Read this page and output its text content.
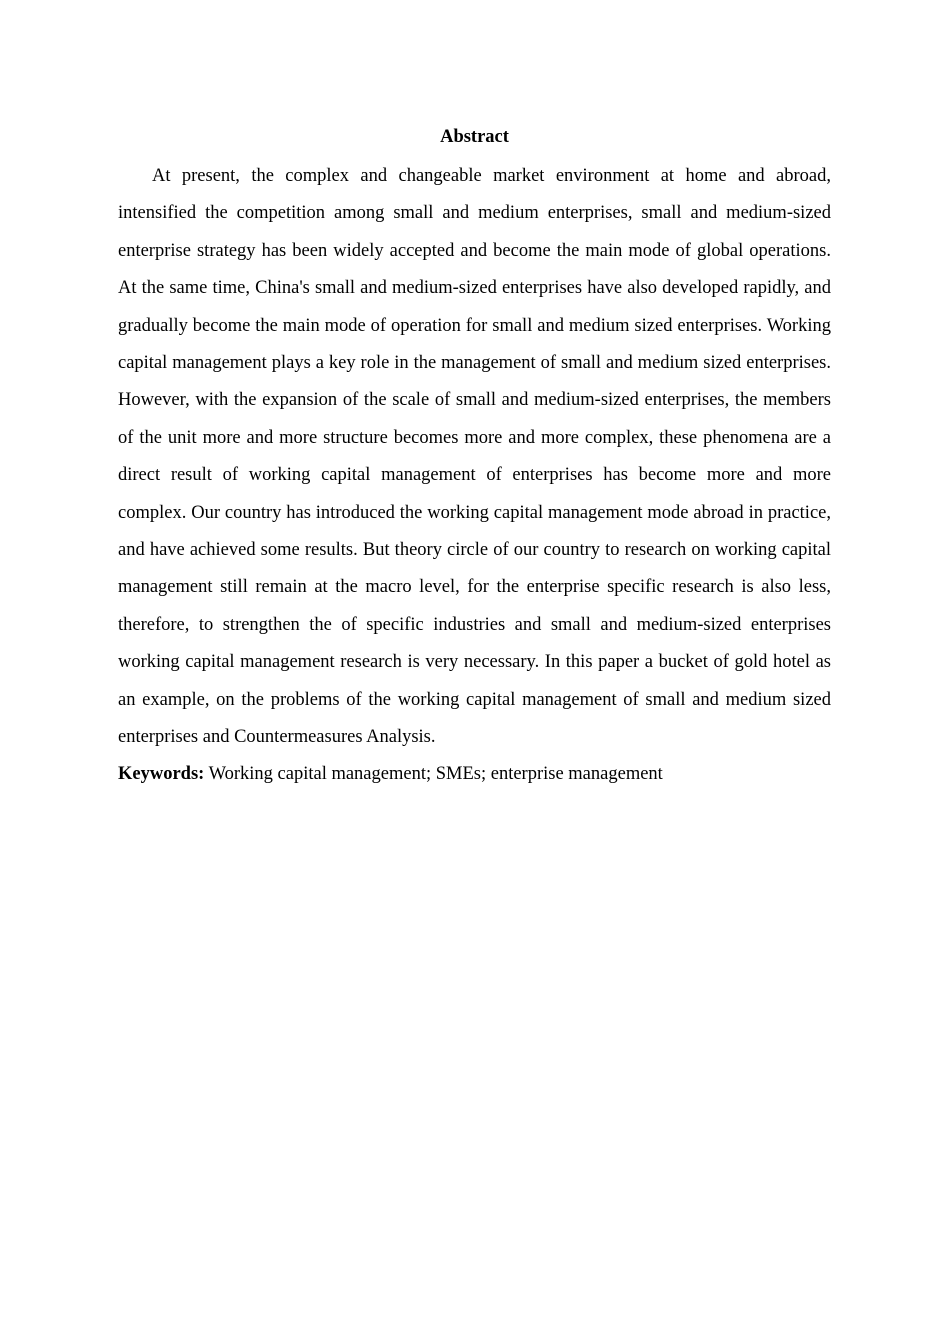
Abstract

At present, the complex and changeable market environment at home and abroad, intensified the competition among small and medium enterprises, small and medium-sized enterprise strategy has been widely accepted and become the main mode of global operations. At the same time, China's small and medium-sized enterprises have also developed rapidly, and gradually become the main mode of operation for small and medium sized enterprises. Working capital management plays a key role in the management of small and medium sized enterprises. However, with the expansion of the scale of small and medium-sized enterprises, the members of the unit more and more structure becomes more and more complex, these phenomena are a direct result of working capital management of enterprises has become more and more complex. Our country has introduced the working capital management mode abroad in practice, and have achieved some results. But theory circle of our country to research on working capital management still remain at the macro level, for the enterprise specific research is also less, therefore, to strengthen the of specific industries and small and medium-sized enterprises working capital management research is very necessary. In this paper a bucket of gold hotel as an example, on the problems of the working capital management of small and medium sized enterprises and Countermeasures Analysis.

Keywords: Working capital management; SMEs; enterprise management
